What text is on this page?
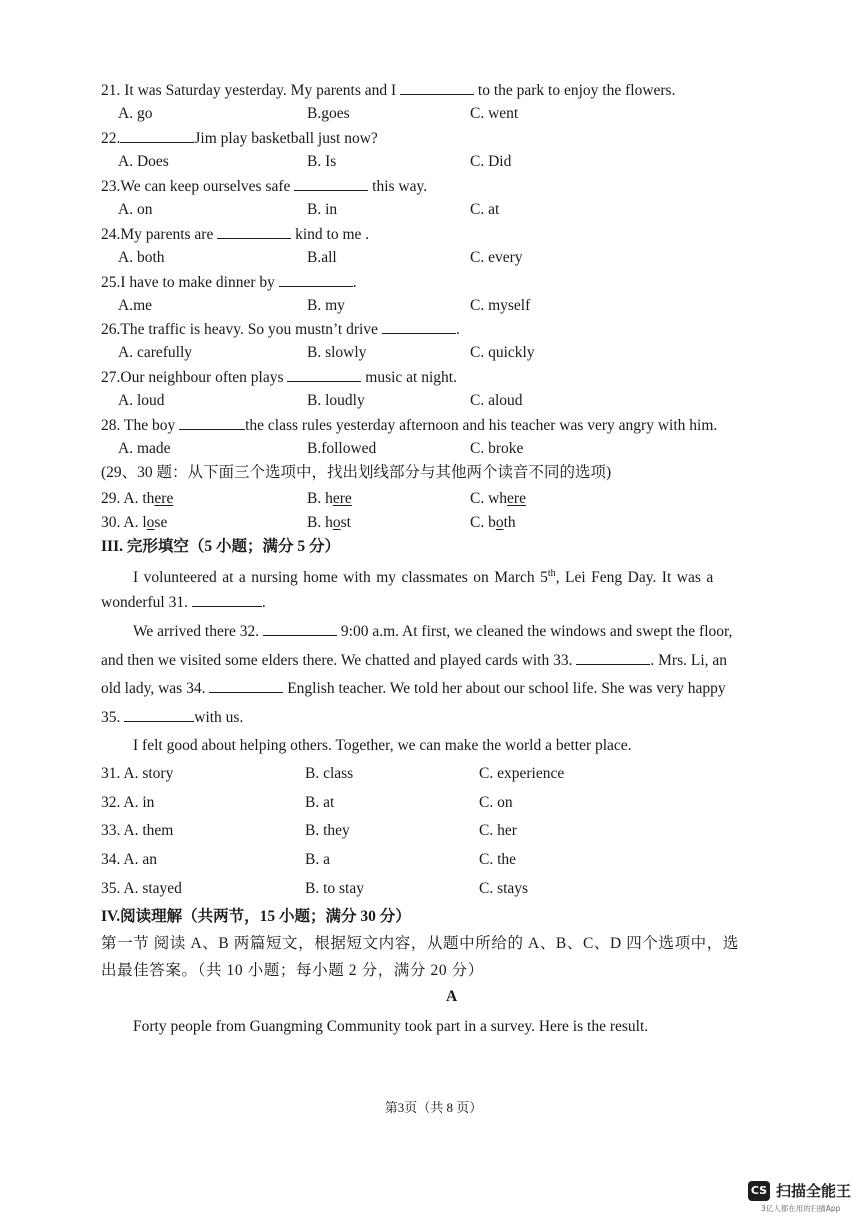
21. It was Saturday yesterday. My parents and I	to the park to enjoy the flowers.
A. go	B.goes	C. went
22.	Jim play basketball just now?
A. Does	B. Is	C. Did
23.We can keep ourselves safe	this way.
A. on	B. in	C. at
24.My parents are	kind to me .
A. both	B.all	C. every
25.I have to make dinner by	.
A.me	B. my	C. myself
26.The traffic is heavy. So you mustn’t drive	.
A. carefully	B. slowly	C. quickly
27.Our neighbour often plays	music at night.
A. loud	B. loudly	C. aloud
28. The boy	the class rules yesterday afternoon and his teacher was very angry with him.
A. made	B.followed	C. broke
(29、30 题：从下面三个选项中，找出划线部分与其他两个读音不同的选项)
29. A. there	B. here	C. where
30. A. lose	B. host	C. both
III. 完形填空（5 小题；满分 5 分）
I volunteered at a nursing home with my classmates on March 5th, Lei Feng Day. It was a
wonderful 31.	.
We arrived there 32.	9:00 a.m. At first, we cleaned the windows and swept the floor,
and then we visited some elders there. We chatted and played cards with 33.	. Mrs. Li, an
old lady, was 34.	English teacher. We told her about our school life. She was very happy
35.	with us.
I felt good about helping others. Together, we can make the world a better place.
31. A. story	B. class	C. experience
32. A. in	B. at	C. on
33. A. them	B. they	C. her
34. A. an	B. a	C. the
35. A. stayed	B. to stay	C. stays
IV.阅读理解（共两节，15 小题；满分 30 分）
第一节 阅读 A、B 两篇短文，根据短文内容，从题中所给的 A、B、C、D 四个选项中，选
出最佳答案。（共 10 小题；每小题 2 分，满分 20 分）
A
Forty people from Guangming Community took part in a survey. Here is the result.
第3页（共 8 页）
CS 扫描全能王
3亿人都在用的扫描App
